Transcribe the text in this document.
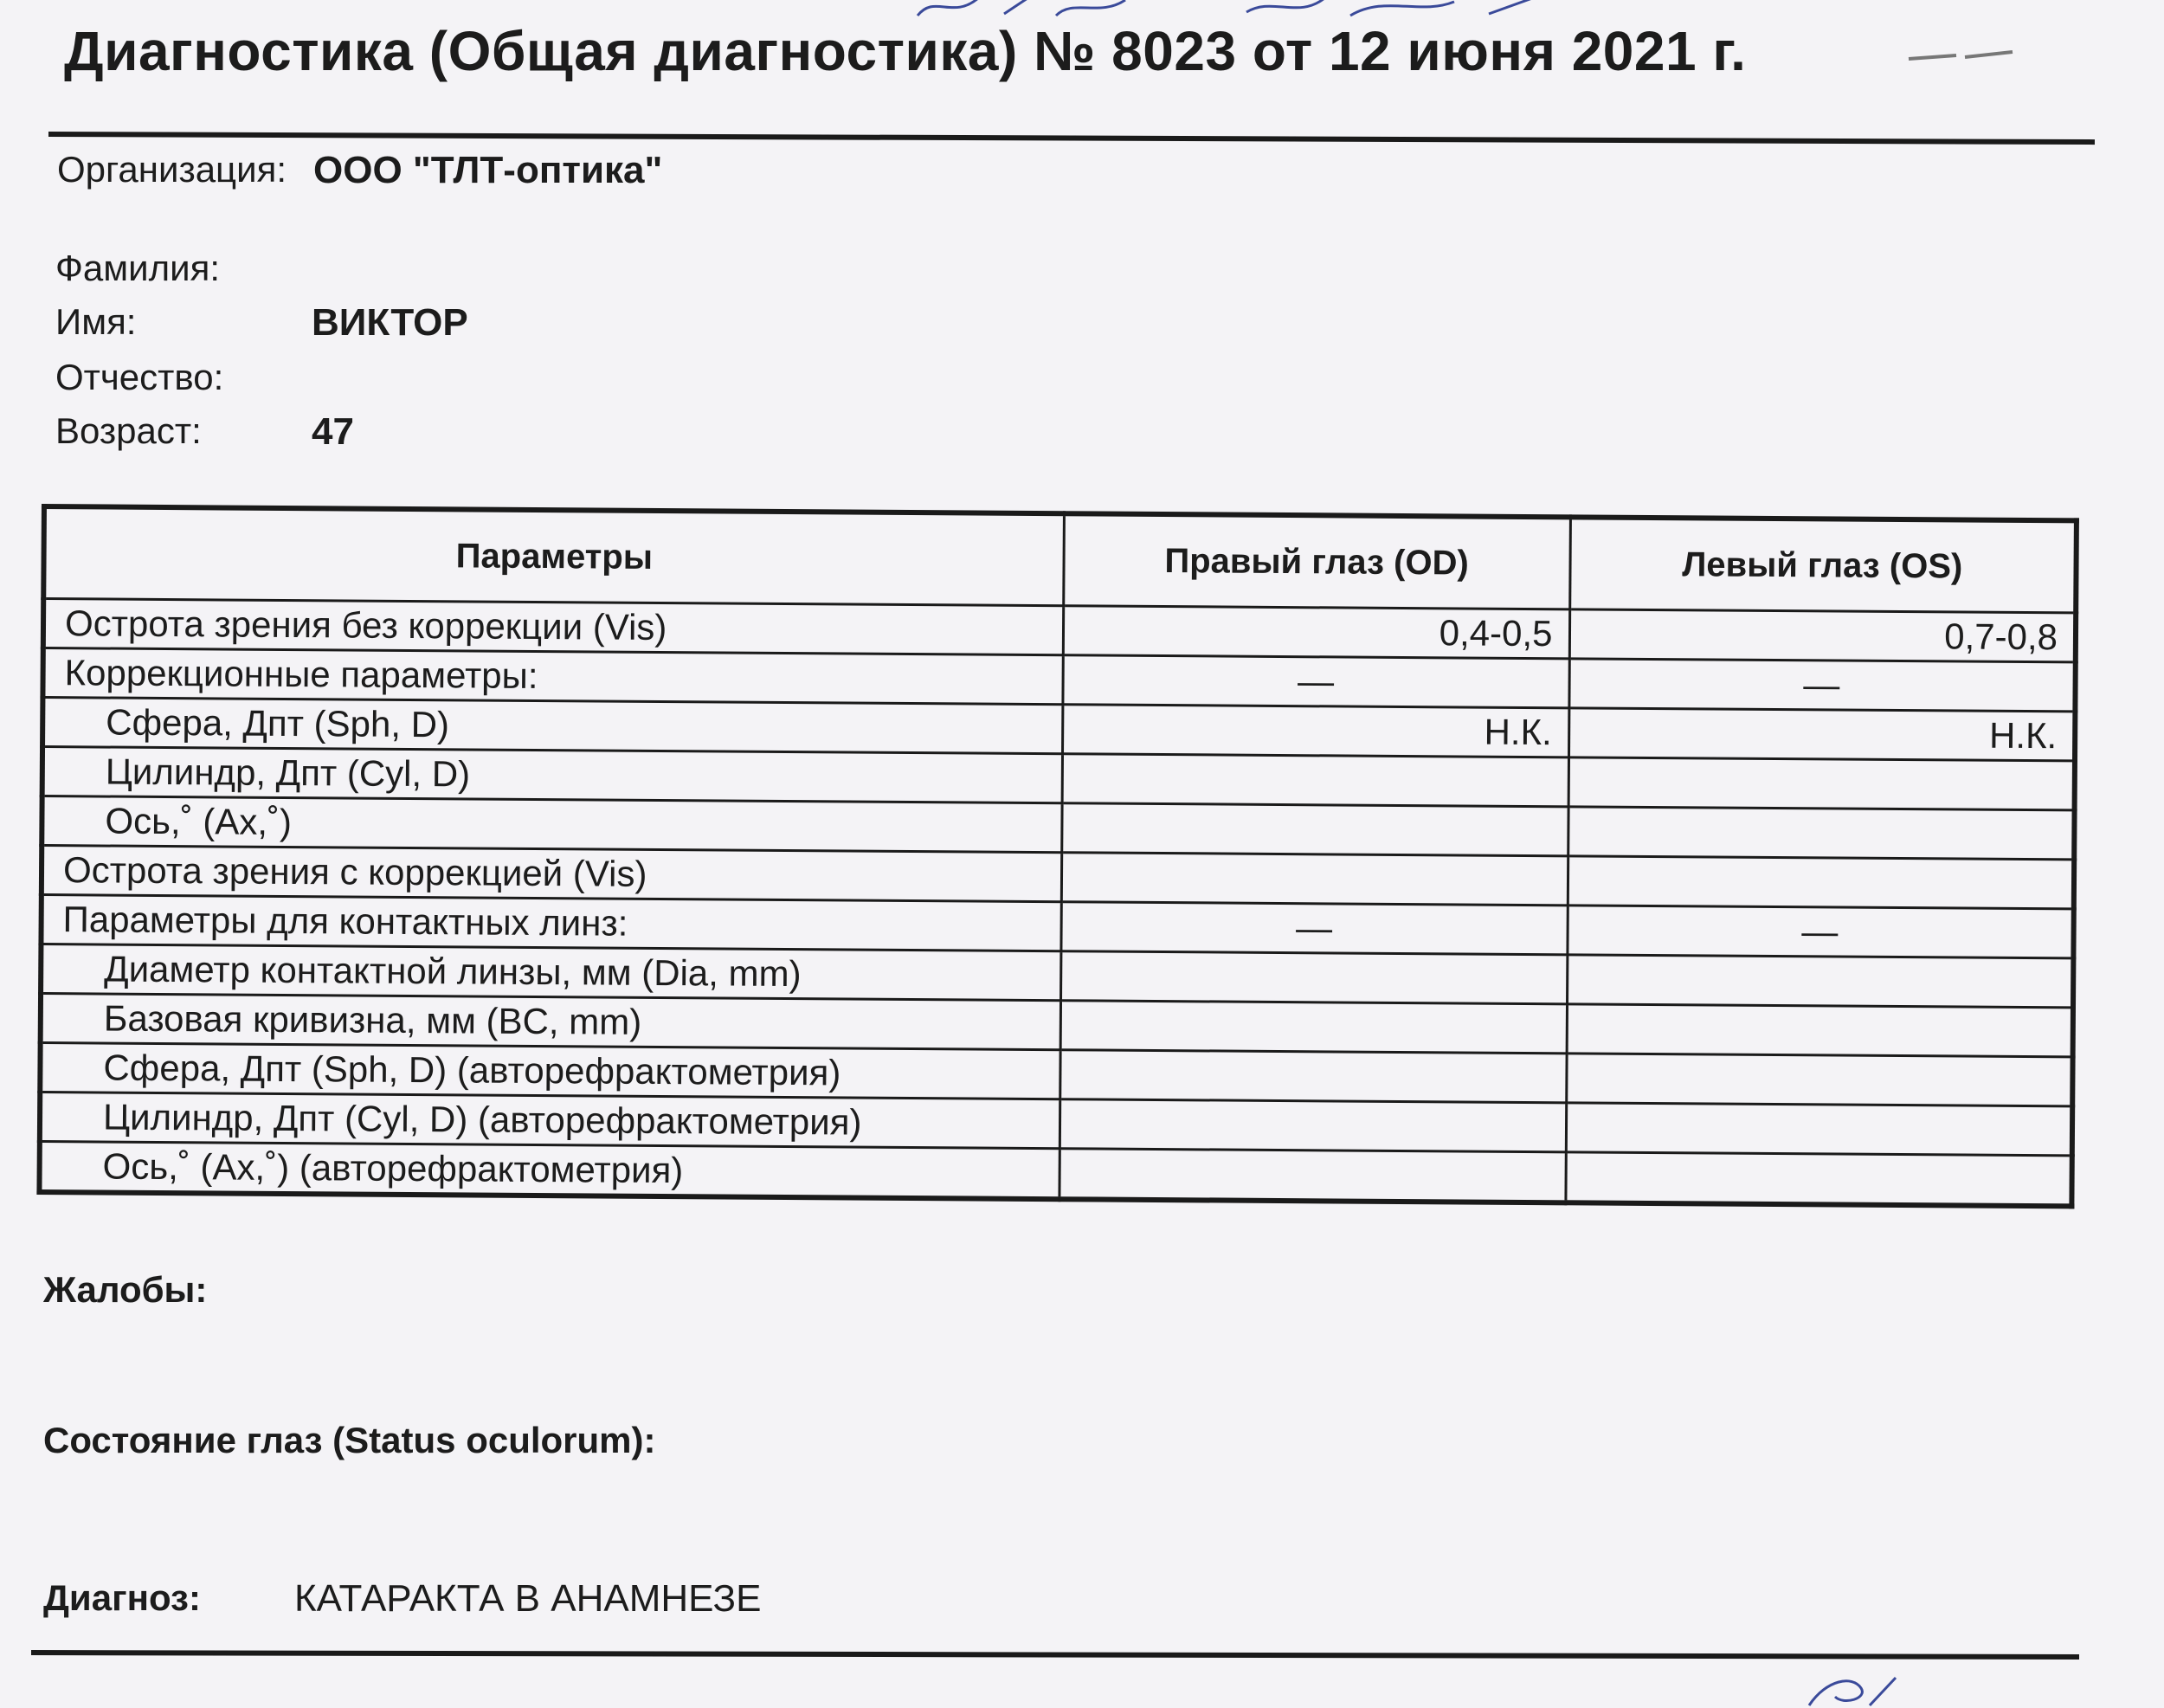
Диагностика (Общая диагностика) № 8023 от 12 июня 2021 г.
Организация: ООО "ТЛТ-оптика"
Фамилия:
Имя:	ВИКТОР
Отчество:
Возраст:	47
Параметры	Правый глаз (OD)	Левый глаз (OS)
Острота зрения без коррекции (Vis)	0,4-0,5	0,7-0,8
Коррекционные параметры:	—	—
Сфера, Дпт (Sph, D)	Н.К.	Н.К.
Цилиндр, Дпт (Cyl, D)		
Ось,˚ (Ax,˚)		
Острота зрения с коррекцией (Vis)		
Параметры для контактных линз:	—	—
Диаметр контактной линзы, мм (Dia, mm)		
Базовая кривизна, мм (BC, mm)		
Сфера, Дпт (Sph, D) (авторефрактометрия)		
Цилиндр, Дпт (Cyl, D) (авторефрактометрия)		
Ось,˚ (Ax,˚) (авторефрактометрия)		
Жалобы:
Состояние глаз (Status oculorum):
Диагноз: КАТАРАКТА В АНАМНЕЗЕ
